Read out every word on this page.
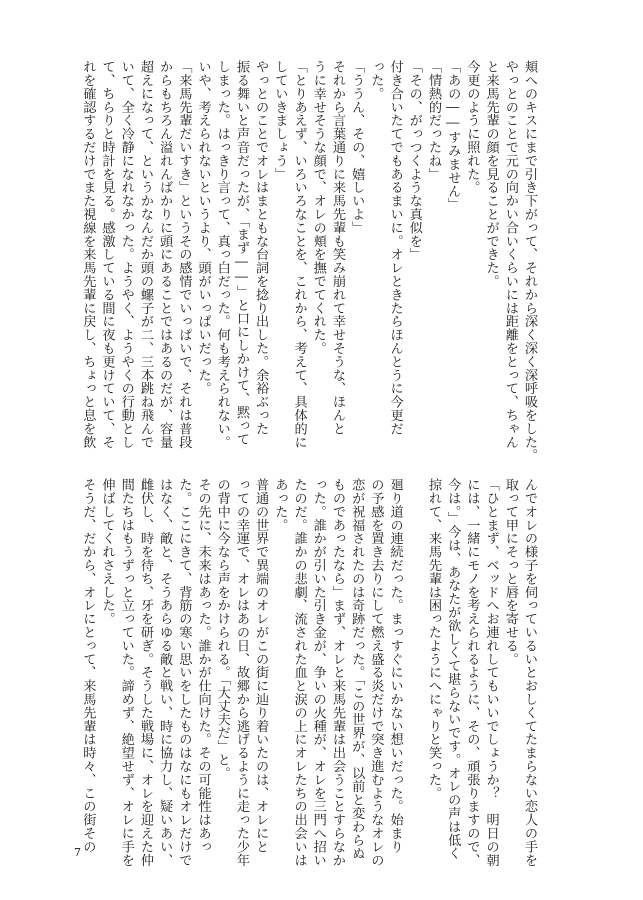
頬へのキスにまで引き下がって、それから深く深く深呼吸をした。
やっとのことで元の向かい合いくらいには距離をとって、ちゃん
と来馬先輩の顔を見ることができた。
今更のように照れた。
「あの――すみません」
「情熱的だったね」
「その、がっつくような真似を」
付き合いたてでもあるまいに。オレときたらほんとうに今更だ
った。
「ううん、その、嬉しいよ」
それから言葉通りに来馬先輩も笑み崩れて幸せそうな、ほんと
うに幸せそうな顔で、オレの頬を撫でてくれた。
「とりあえず、いろいろなことを、これから、考えて、具体的に
していきましょう」
やっとのことでオレはまともな台詞を捻り出した。余裕ぶった
振る舞いと声音だったが、「まず――」と口にしかけて、黙って
しまった。はっきり言って、真っ白だった。何も考えられない。
いや、考えられないというより、頭がいっぱいだった。
「来馬先輩だいすき」というその感情でいっぱいで、それは普段
からもちろん溢れんばかりに頭にあることではあるのだが、容量
超えになって、というかなんだか頭の螺子が二、三本跳ね飛んで
いて、全く冷静になれなかった。ようやく、ようやくの行動とし
て、ちらりと時計を見る。感激している間に夜も更けていて、そ
れを確認するだけでまた視線を来馬先輩に戻し、ちょっと息を飲
んでオレの様子を伺っているいとおしくてたまらない恋人の手を
取って甲にそっと唇を寄せる。
「ひとまず、ベッドへお連れしてもいいでしょうか？　明日の朝
には、一緒にモノを考えられるように、その、頑張りますので、
今は。」今は、あなたが欲しくて堪らないです。オレの声は低く
掠れて、来馬先輩は困ったようにへにゃりと笑った。

廻り道の連続だった。まっすぐにいかない想いだった。始まり
の予感を置き去りにして燃え盛る炎だけで突き進むようなオレの
恋が祝福されたのは奇跡だった。「この世界が、以前と変わらぬ
ものであったなら」まず、オレと来馬先輩は出会うことすらなか
った。誰かが引いた引き金が、争いの火種が、オレを三門へ招い
たのだ。誰かの悲劇、流された血と涙の上にオレたちの出会いは
あった。
普通の世界で異端のオレがこの街に辿り着いたのは、オレにと
っての幸運で、オレはあの日、故郷から逃げるように走った少年
の背中に今なら声をかけられる。「大丈夫だ」と。
その先に、未来はあった。誰かが仕向けた。その可能性はあっ
た。ここにきて、背筋の寒い思いをしたものはなにもオレだけで
はなく、敵と、そうあらゆる敵と戦い、時に協力し、疑いあい、
雌伏し、時を待ち、牙を研ぎ。そうした戦場に、オレを迎えた仲
間たちはもうずっと立っていた。諦めず、絶望せず、オレに手を
伸ばしてくれさえした。
そうだ、だから、オレにとって、来馬先輩は時々、この街その
7
